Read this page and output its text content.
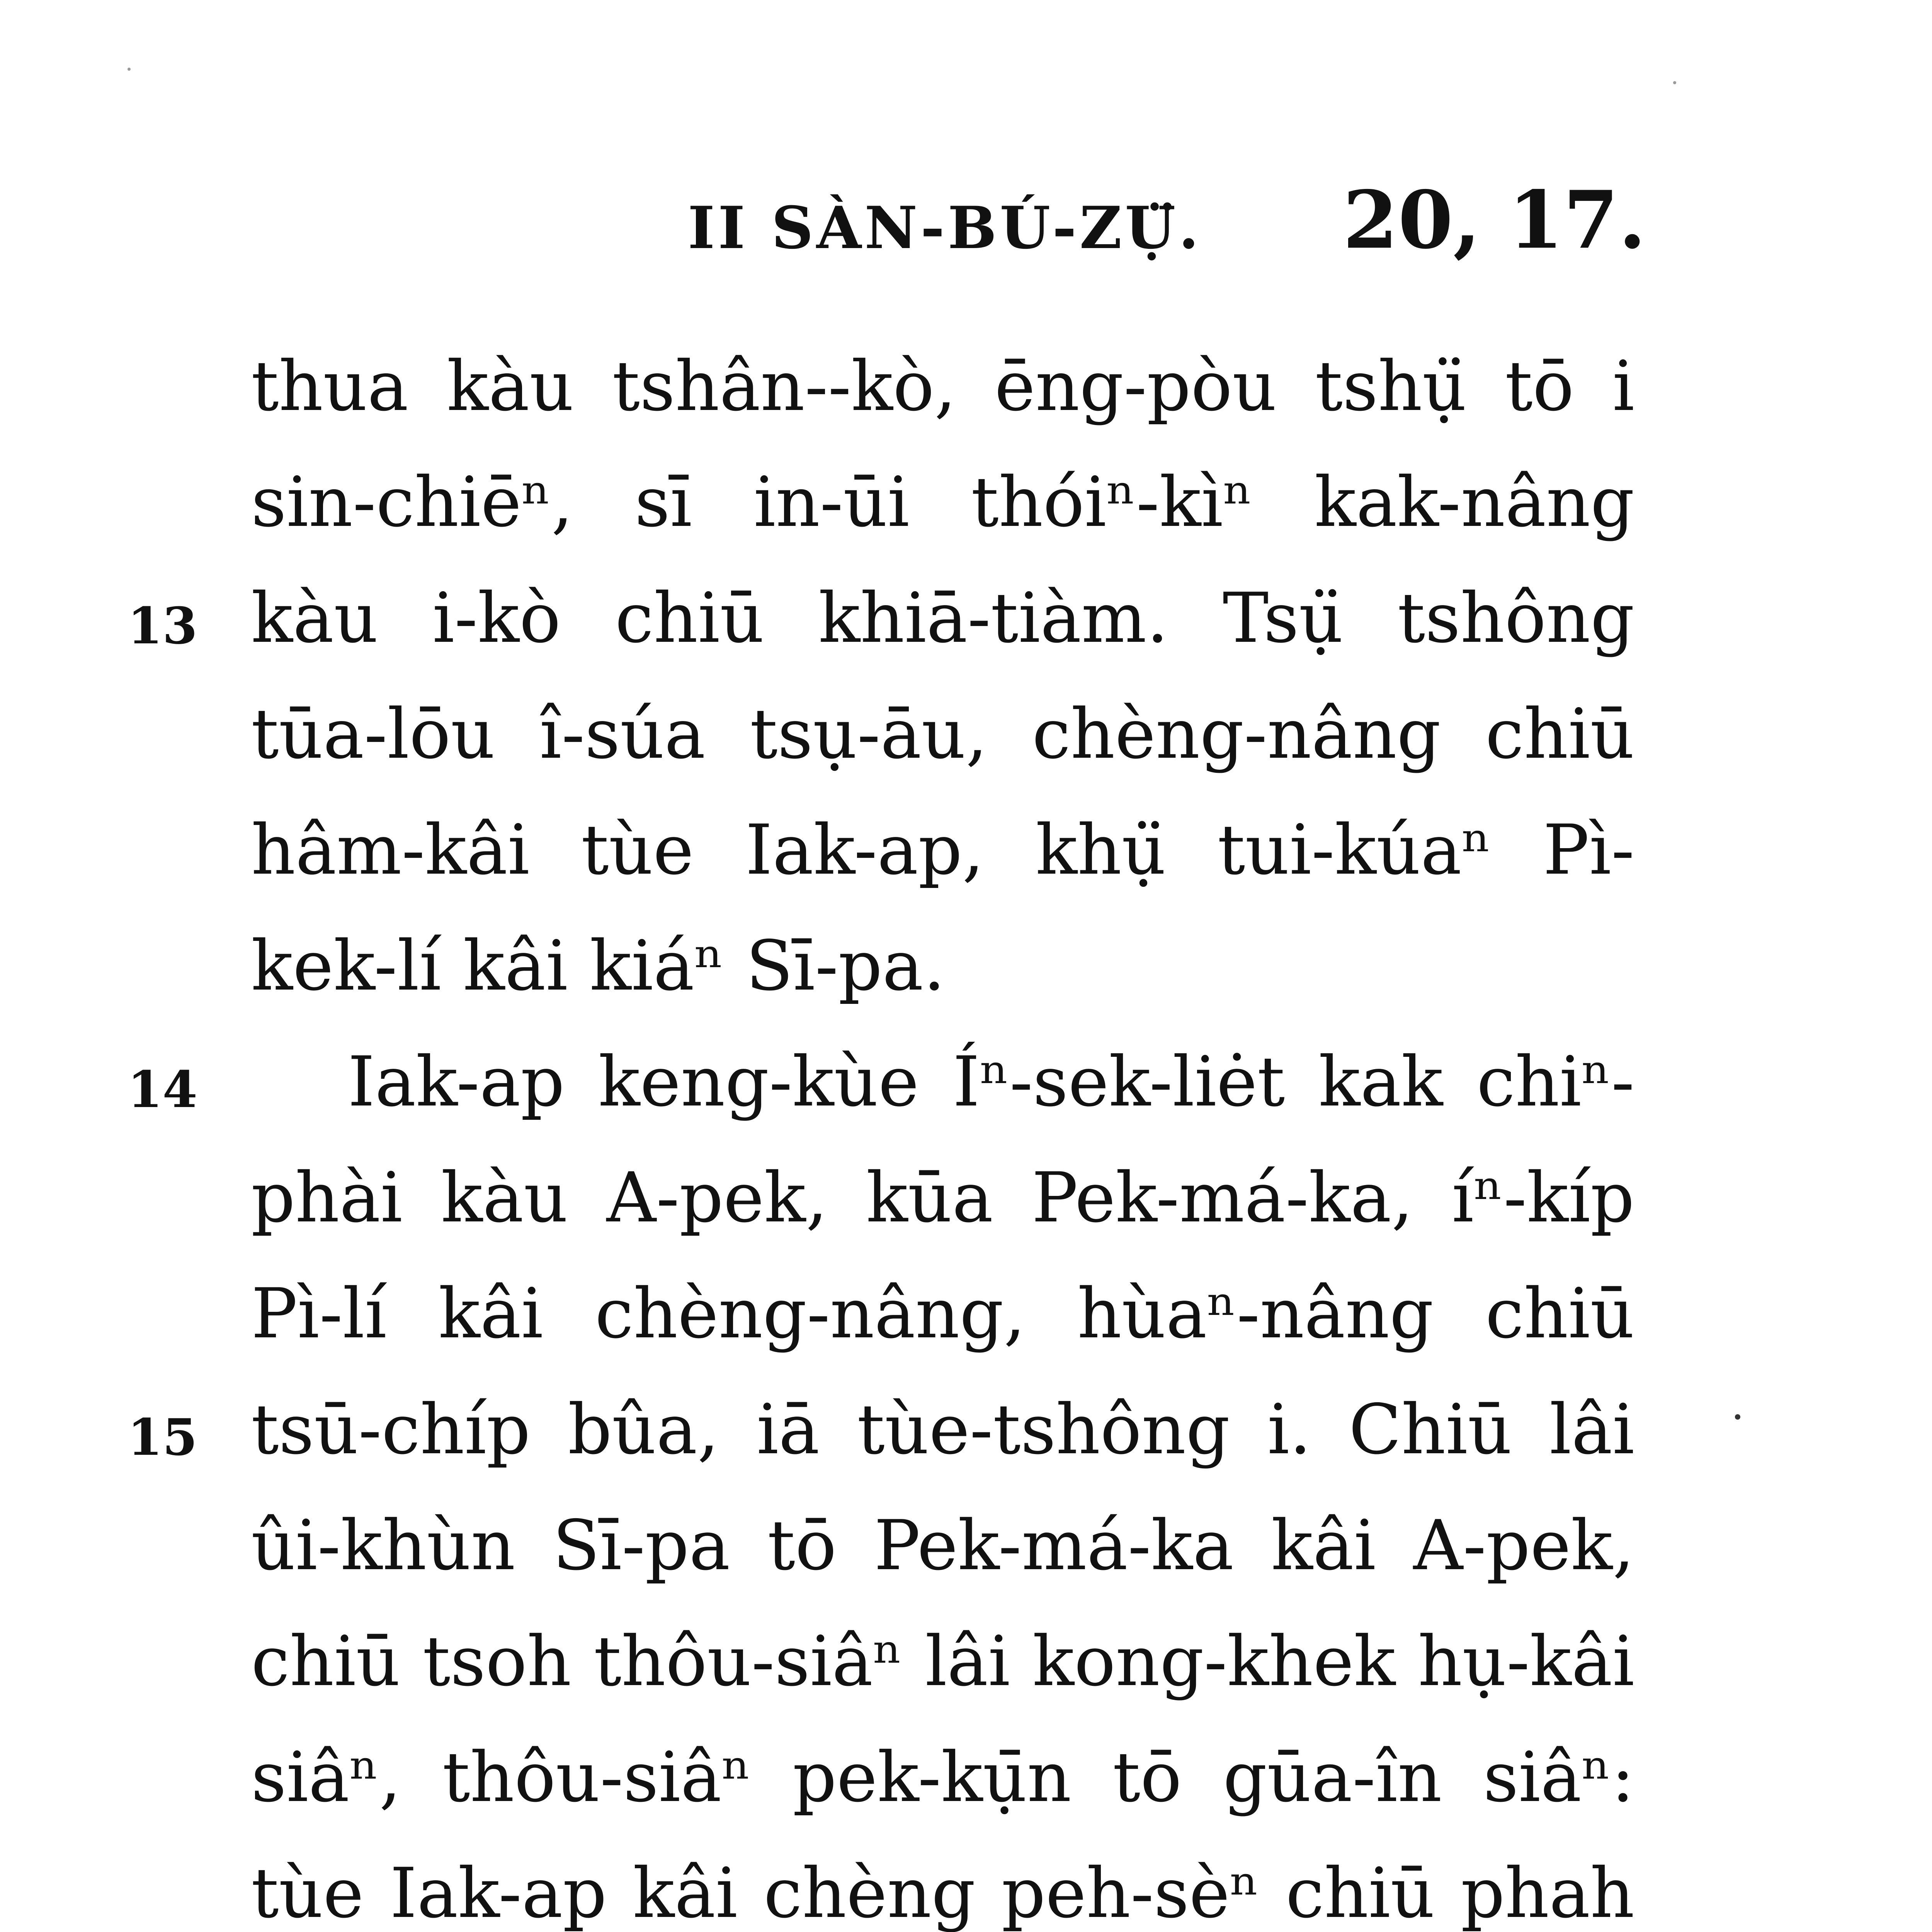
II SÀN-BÚ-ZỤ̈. 20, 17.
thua kàu tshân--kò, ēng-pòu tshụ̈ tō i
sin-chiēⁿ, sī in-ūi thóiⁿ-kìⁿ kak-nâng
13 kàu i-kò chiū khiā-tiàm. Tsụ̈ tshông
tūa-lōu î-súa tsụ-āu, chèng-nâng chiū
hâm-kâi tùe Iak-ap, khụ̈ tui-kúaⁿ Pì-
kek-lí kâi kiáⁿ Sī-pa.
14 Iak-ap keng-kùe Íⁿ-sek-liėt kak chiⁿ-
phài kàu A-pek, kūa Pek-má-ka, íⁿ-kíp
Pì-lí kâi chèng-nâng, hùaⁿ-nâng chiū
15 tsū-chíp bûa, iā tùe-tshông i. Chiū lâi
ûi-khùn Sī-pa tō Pek-má-ka kâi A-pek,
chiū tsoh thôu-siâⁿ lâi kong-khek hụ-kâi
siâⁿ, thôu-siâⁿ pek-kụ̄n tō gūa-în siâⁿ:
tùe Iak-ap kâi chèng peh-sèⁿ chiū phah
